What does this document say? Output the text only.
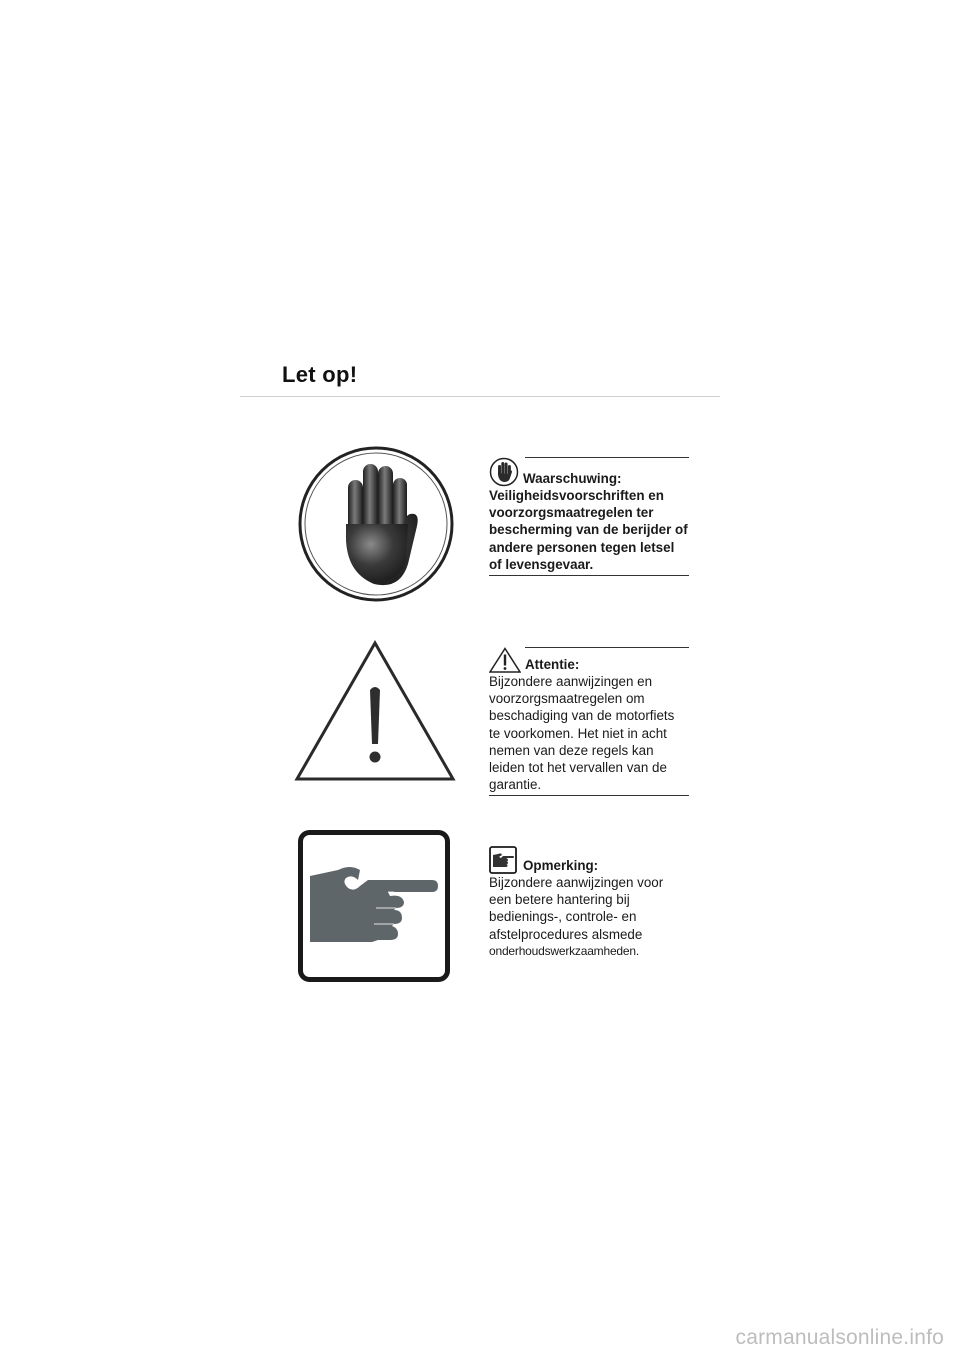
Let op!
Waarschuwing:
Veiligheidsvoorschriften en voorzorgsmaatregelen ter bescherming van de berijder of andere personen tegen letsel of levensgevaar.
Attentie:
Bijzondere aanwijzingen en voorzorgsmaatregelen om beschadiging van de motorfiets te voorkomen. Het niet in acht nemen van deze regels kan leiden tot het vervallen van de garantie.
Opmerking:
Bijzondere aanwijzingen voor een betere hantering bij bedienings-, controle- en afstelprocedures alsmede
onderhoudswerkzaamheden.
carmanualsonline.info
